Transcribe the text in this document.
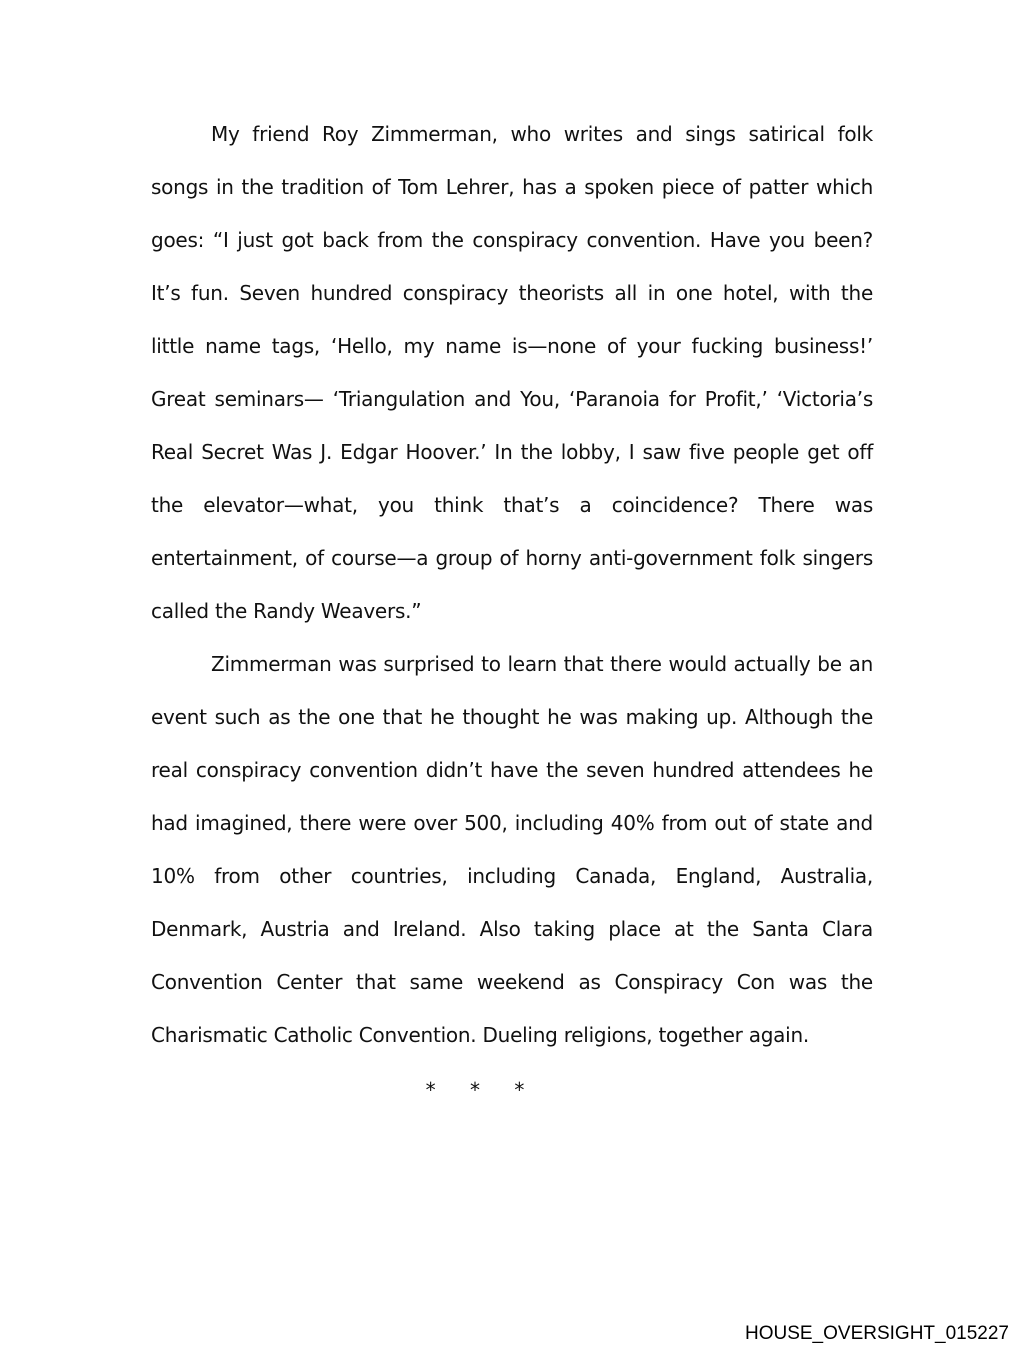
My friend Roy Zimmerman, who writes and sings satirical folk songs in the tradition of Tom Lehrer, has a spoken piece of patter which goes: “I just got back from the conspiracy convention. Have you been? It’s fun. Seven hundred conspiracy theorists all in one hotel, with the little name tags, ‘Hello, my name is—none of your fucking business!’ Great seminars— ‘Triangulation and You, ‘Paranoia for Profit,’ ‘Victoria’s Real Secret Was J. Edgar Hoover.’ In the lobby, I saw five people get off the elevator—what, you think that’s a coincidence? There was entertainment, of course—a group of horny anti-government folk singers called the Randy Weavers.”

Zimmerman was surprised to learn that there would actually be an event such as the one that he thought he was making up. Although the real conspiracy convention didn’t have the seven hundred attendees he had imagined, there were over 500, including 40% from out of state and 10% from other countries, including Canada, England, Australia, Denmark, Austria and Ireland. Also taking place at the Santa Clara Convention Center that same weekend as Conspiracy Con was the Charismatic Catholic Convention. Dueling religions, together again.

* * *
HOUSE_OVERSIGHT_015227
